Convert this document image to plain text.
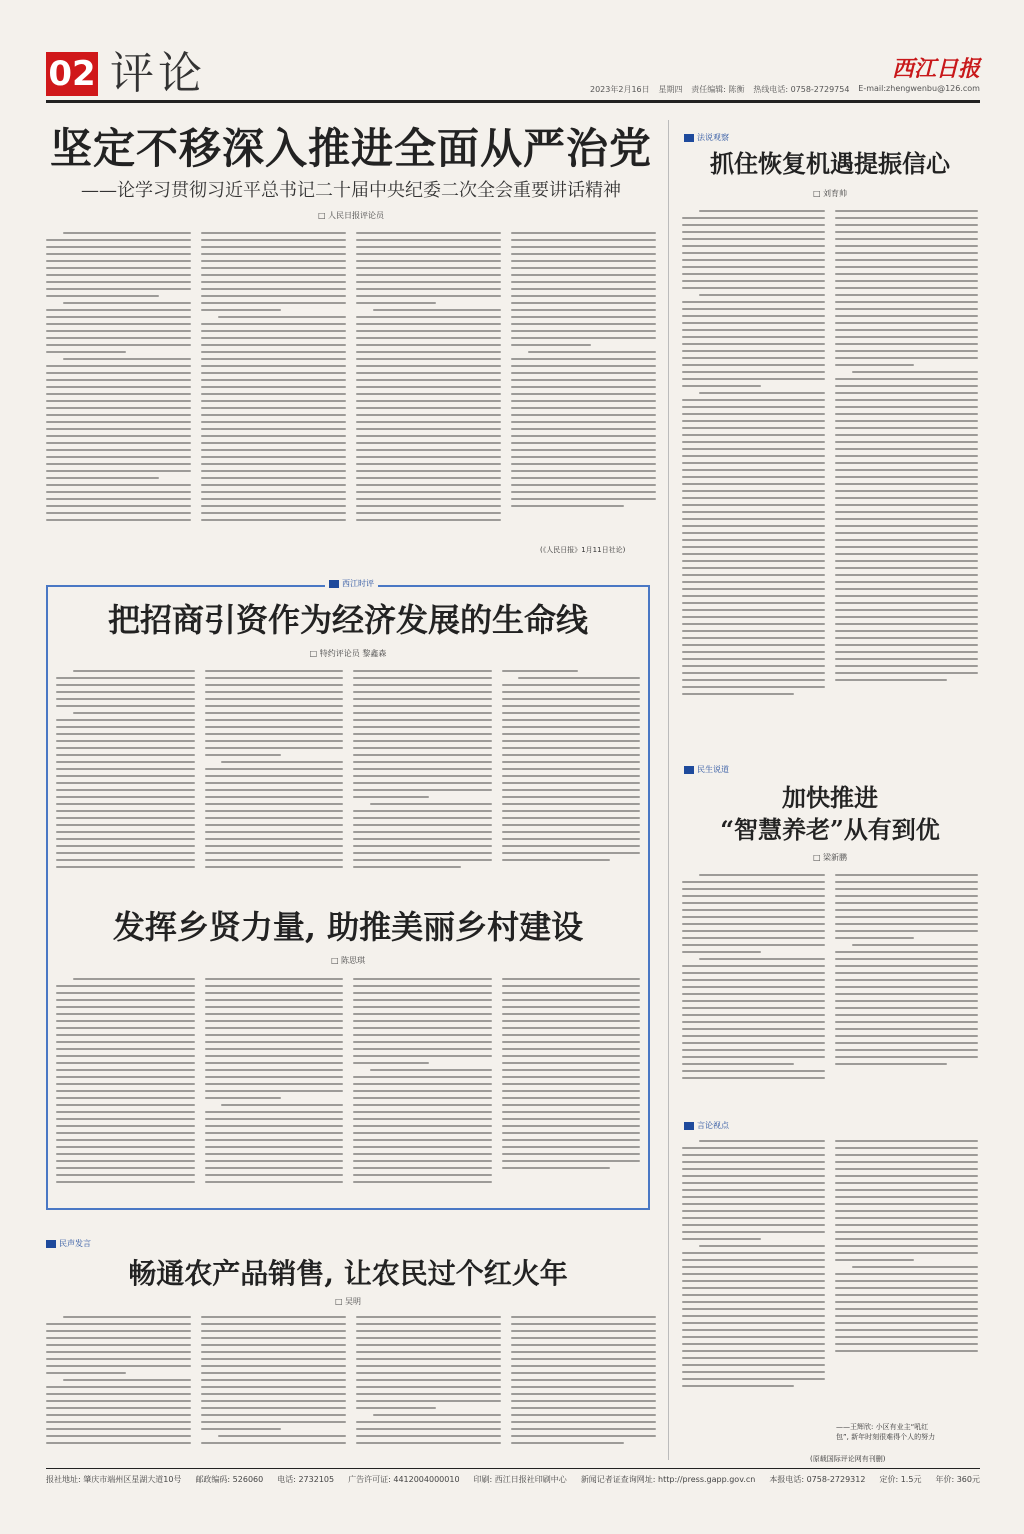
02 评论	西江日报
2023年2月16日 星期四 责任编辑: 陈衡 热线电话: 0758-2729754 E-mail:zhengwenbu@126.com
坚定不移深入推进全面从严治党
——论学习贯彻习近平总书记二十届中央纪委二次全会重要讲话精神
□ 人民日报评论员
(《人民日报》1月11日社论)
西江时评
把招商引资作为经济发展的生命线
□ 特约评论员 黎鑫森
发挥乡贤力量, 助推美丽乡村建设
□ 陈思琪
民声发言
畅通农产品销售, 让农民过个红火年
□ 吴明
法说观察
抓住恢复机遇提振信心
□ 刘育帅
民生说道
加快推进
“智慧养老”从有到优
□ 梁新鹏
言论视点
——王辉欣: 小区有业主“吼红
包”, 新年时刻很难得个人的努力
(原载国际评论网有刊删)
报社地址: 肇庆市端州区星湖大道10号 邮政编码: 526060 电话: 2732105 广告许可证: 4412004000010 印刷: 西江日报社印刷中心 新闻记者证查询网址: http://press.gapp.gov.cn 本报电话: 0758-2729312 定价: 1.5元 年价: 360元
